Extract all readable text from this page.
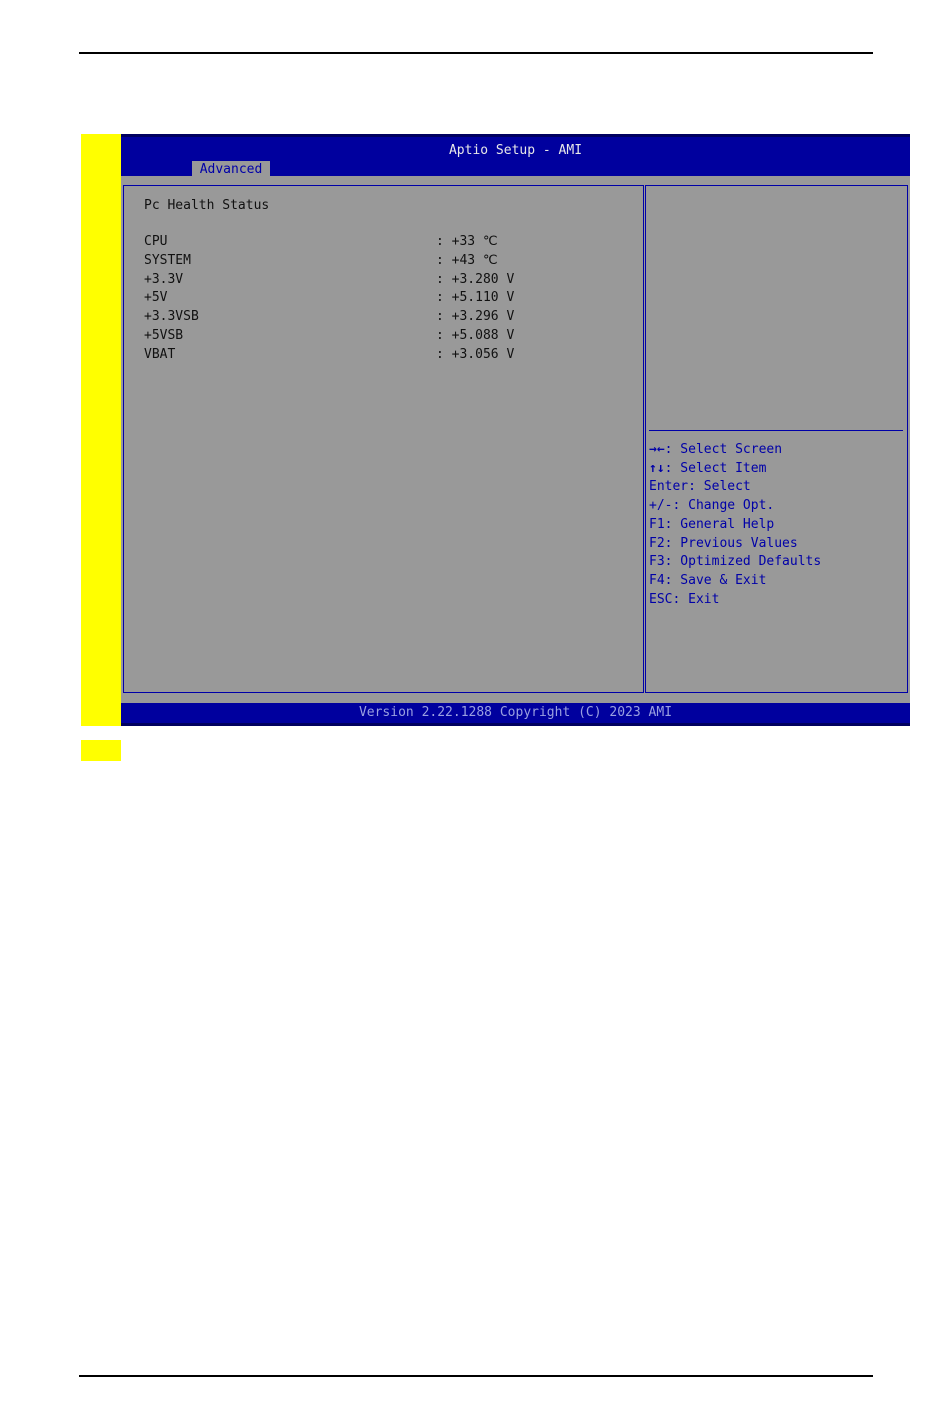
Aptio Setup - AMI
Advanced
Pc Health Status
CPU	: +33 ℃
SYSTEM	: +43 ℃
+3.3V	: +3.280 V
+5V	: +5.110 V
+3.3VSB	: +3.296 V
+5VSB	: +5.088 V
VBAT	: +3.056 V
→←: Select Screen
↑↓: Select Item
Enter: Select
+/-: Change Opt.
F1: General Help
F2: Previous Values
F3: Optimized Defaults
F4: Save & Exit
ESC: Exit
Version 2.22.1288 Copyright (C) 2023 AMI
